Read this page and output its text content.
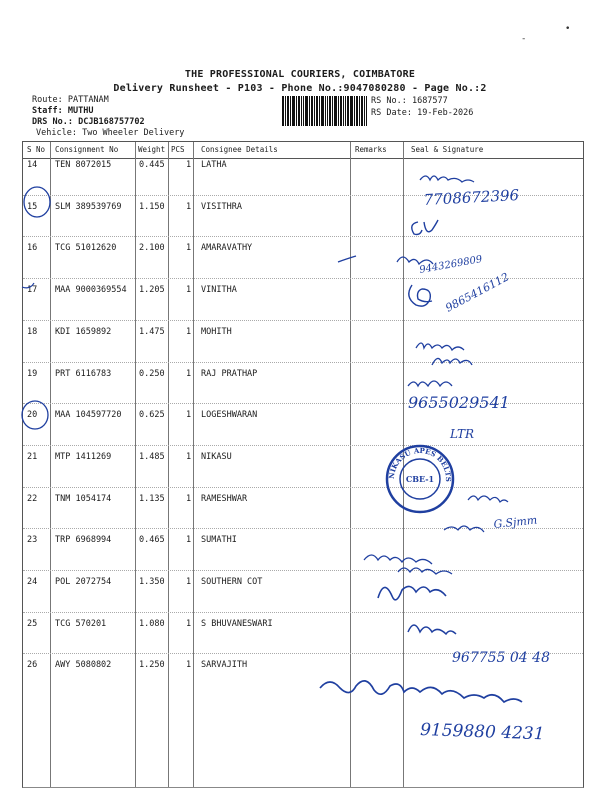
-
•
THE PROFESSIONAL COURIERS, COIMBATORE
Delivery Runsheet - P103 - Phone No.:9047080280 - Page No.:2
Route: PATTANAM
Staff: MUTHU
DRS No.: DCJB168757702
Vehicle: Two Wheeler Delivery
RS No.: 1687577
RS Date: 19-Feb-2026
S No Consignment No	Weight PCS Consignee Details	Remarks	Seal & Signature
14 TEN 8072015	0.445	1 LATHA
15 SLM 389539769 1.150	1 VISITHRA
16 TCG 51012620	2.100	1 AMARAVATHY
17 MAA 9000369554 1.205	1 VINITHA
18 KDI 1659892	1.475	1 MOHITH
19 PRT 6116783	0.250	1 RAJ PRATHAP
20 MAA 104597720 0.625	1 LOGESHWARAN
21 MTP 1411269	1.485	1 NIKASU
22 TNM 1054174	1.135	1 RAMESHWAR
23 TRP 6968994	0.465	1 SUMATHI
24 POL 2072754	1.350	1 SOUTHERN COT
25 TCG 570201	1.080	1 S BHUVANESWARI
26 AWY 5080802	1.250	1 SARVAJITH
7708672396
9443269809
9865416112
9655029541
LTR
NIKASU APES BELTS
CBE-1
G.Sjmm
967755 04 48
9159880 4231
